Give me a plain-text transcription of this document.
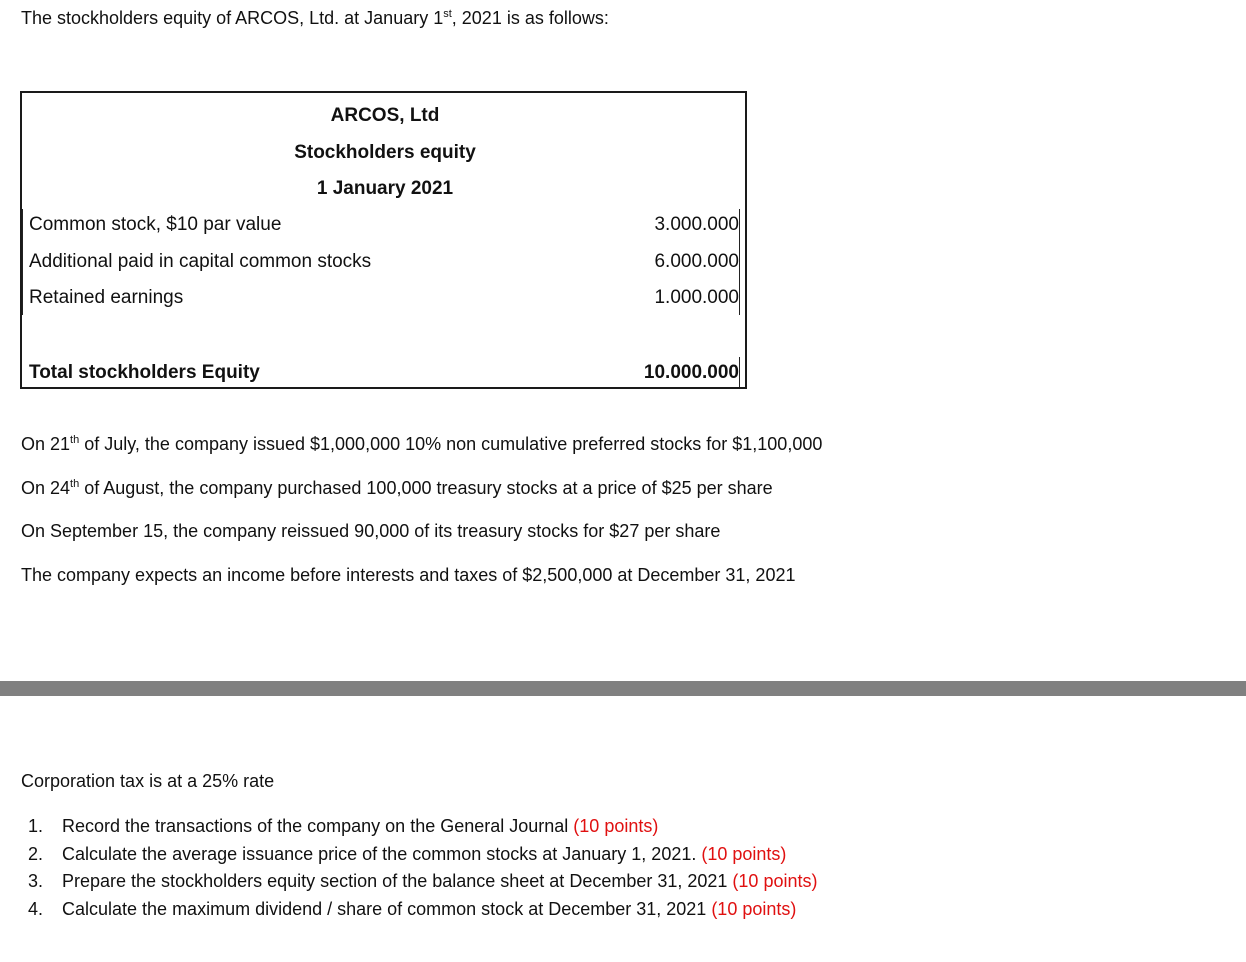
The stockholders equity of ARCOS, Ltd. at January 1st, 2021 is as follows:
ARCOS, Ltd
Stockholders equity
1 January 2021
Common stock, $10 par value	3.000.000
Additional paid in capital common stocks	6.000.000
Retained earnings	1.000.000
Total stockholders Equity	10.000.000
On 21th of July, the company issued $1,000,000 10% non cumulative preferred stocks for $1,100,000
On 24th of August, the company purchased 100,000 treasury stocks at a price of $25 per share
On September 15, the company reissued 90,000 of its treasury stocks for $27 per share
The company expects an income before interests and taxes of $2,500,000 at December 31, 2021
Corporation tax is at a 25% rate
1. Record the transactions of the company on the General Journal (10 points)
2. Calculate the average issuance price of the common stocks at January 1, 2021. (10 points)
3. Prepare the stockholders equity section of the balance sheet at December 31, 2021 (10 points)
4. Calculate the maximum dividend / share of common stock at December 31, 2021 (10 points)
